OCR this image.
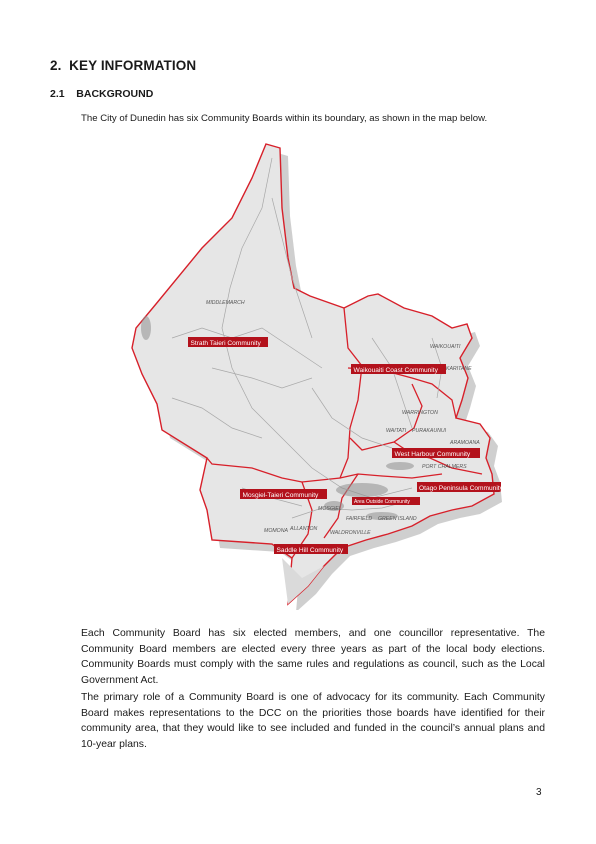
2. KEY INFORMATION
2.1 BACKGROUND
The City of Dunedin has six Community Boards within its boundary, as shown in the map below.
MIDDLEMARCH
WAIKOUAITI
KARITANE
WARRINGTON
WAITATI PURAKAUNUI
ARAMOANA
PORT CHALMERS
MOSGIEL
FAIRFIELD GREEN ISLAND
MOMONA ALLANTON
WALDRONVILLE
Strath Taieri Community
Waikouaiti Coast Community
West Harbour Community
Otago Peninsula Community
Mosgiel-Taieri Community
Area Outside Community
Saddle Hill Community
Each Community Board has six elected members, and one councillor representative. The Community Board members are elected every three years as part of the local body elections. Community Boards must comply with the same rules and regulations as council, such as the Local Government Act.
The primary role of a Community Board is one of advocacy for its community. Each Community Board makes representations to the DCC on the priorities those boards have identified for their community area, that they would like to see included and funded in the council’s annual plans and 10-year plans.
3
